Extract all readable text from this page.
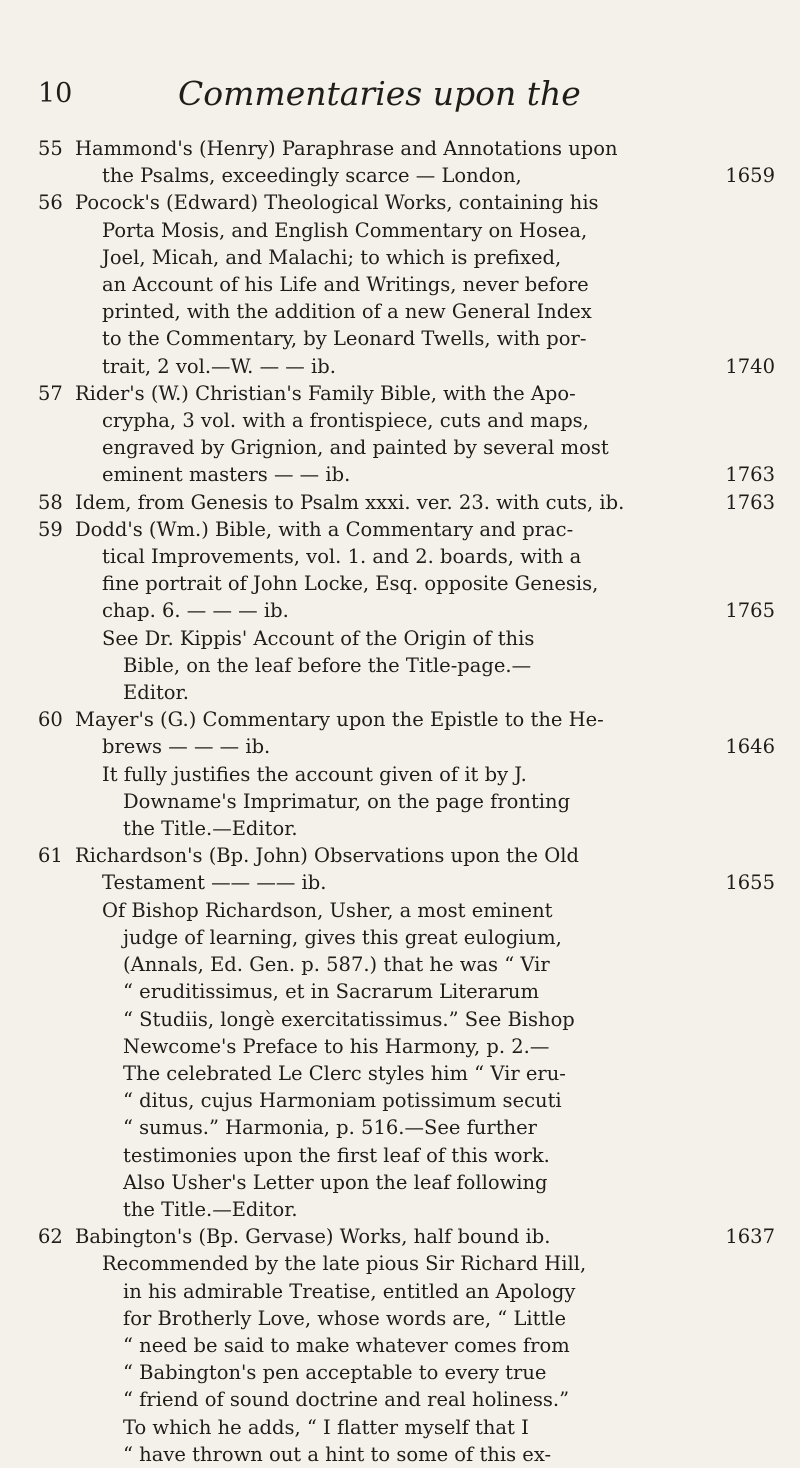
10	Commentaries upon the
55 Hammond's (Henry) Paraphrase and Annotations upon
the Psalms, exceedingly scarce — London,	1659
56 Pocock's (Edward) Theological Works, containing his
Porta Mosis, and English Commentary on Hosea,
Joel, Micah, and Malachi; to which is prefixed,
an Account of his Life and Writings, never before
printed, with the addition of a new General Index
to the Commentary, by Leonard Twells, with por-
trait, 2 vol.—W. — — ib.	1740
57 Rider's (W.) Christian's Family Bible, with the Apo-
crypha, 3 vol. with a frontispiece, cuts and maps,
engraved by Grignion, and painted by several most
eminent masters — — ib.	1763
58 Idem, from Genesis to Psalm xxxi. ver. 23. with cuts, ib.	1763
59 Dodd's (Wm.) Bible, with a Commentary and prac-
tical Improvements, vol. 1. and 2. boards, with a
fine portrait of John Locke, Esq. opposite Genesis,
chap. 6. — — — ib.	1765
See Dr. Kippis' Account of the Origin of this
Bible, on the leaf before the Title-page.—
Editor.
60 Mayer's (G.) Commentary upon the Epistle to the He-
brews — — — ib.	1646
It fully justifies the account given of it by J.
Downame's Imprimatur, on the page fronting
the Title.—Editor.
61 Richardson's (Bp. John) Observations upon the Old
Testament —— —— ib.	1655
Of Bishop Richardson, Usher, a most eminent
judge of learning, gives this great eulogium,
(Annals, Ed. Gen. p. 587.) that he was “ Vir
“ eruditissimus, et in Sacrarum Literarum
“ Studiis, longè exercitatissimus.” See Bishop
Newcome's Preface to his Harmony, p. 2.—
The celebrated Le Clerc styles him “ Vir eru-
“ ditus, cujus Harmoniam potissimum secuti
“ sumus.” Harmonia, p. 516.—See further
testimonies upon the first leaf of this work.
Also Usher's Letter upon the leaf following
the Title.—Editor.
62 Babington's (Bp. Gervase) Works, half bound ib.	1637
Recommended by the late pious Sir Richard Hill,
in his admirable Treatise, entitled an Apology
for Brotherly Love, whose words are, “ Little
“ need be said to make whatever comes from
“ Babington's pen acceptable to every true
“ friend of sound doctrine and real holiness.”
To which he adds, “ I flatter myself that I
“ have thrown out a hint to some of this ex-
